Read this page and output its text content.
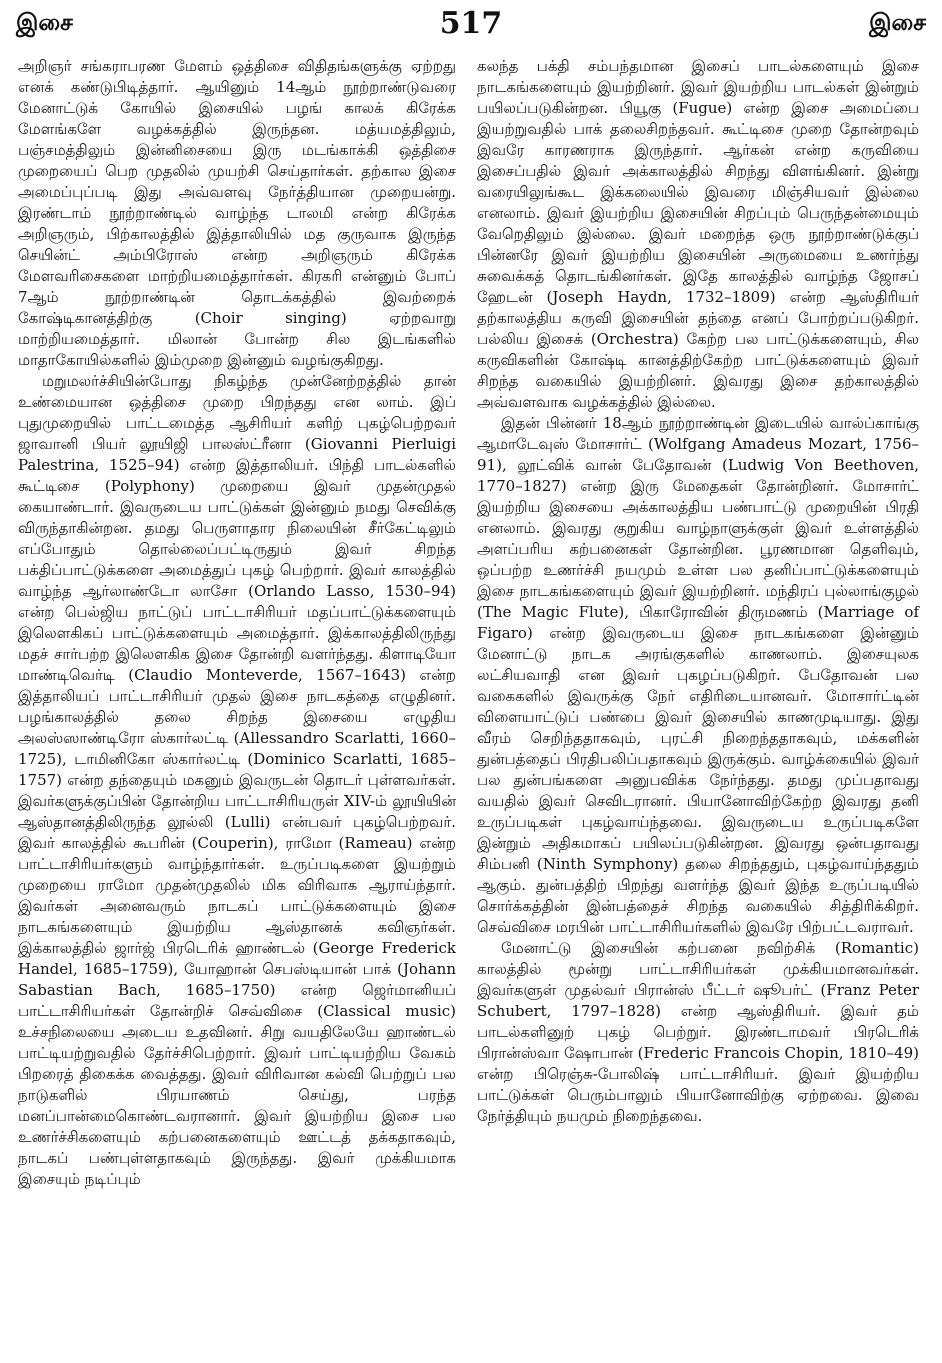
இசை	517	இசை

அறிஞர் சங்கராபரண மேளம் ஒத்திசை விதிதங்களுக்கு ஏற்றது எனக் கண்டுபிடித்தார். ஆயினும் 14ஆம் நூற்றாண்டுவரை மேனாட்டுக் கோயில் இசையில் பழங் காலக் கிரேக்க மேளங்களே வழக்கத்தில் இருந்தன. மத்யமத்திலும், பஞ்சமத்திலும் இன்னிசையை இரு மடங்காக்கி ஒத்திசை முறையைப் பெற முதலில் முயற்சி செய்தார்கள். தற்கால இசை அமைப்புப்படி இது அவ்வளவு நேர்த்தியான முறையன்று. இரண்டாம் நூற்றாண்டில் வாழ்ந்த டாலமி என்ற கிரேக்க அறிஞரும், பிற்காலத்தில் இத்தாலியில் மத குருவாக இருந்த செயின்ட் அம்பிரோஸ் என்ற அறிஞரும் கிரேக்க மேளவரிசைகளை மாற்றியமைத்தார்கள். கிரகரி என்னும் போப் 7ஆம் நூற்றாண்டின் தொடக்கத்தில் இவற்றைக் கோஷ்டிகானத்திற்கு (Choir singing) ஏற்றவாறு மாற்றியமைத்தார். மிலான் போன்ற சில இடங்களில் மாதாகோயில்களில் இம்முறை இன்னும் வழங்குகிறது.

மறுமலர்ச்சியின்போது நிகழ்ந்த முன்னேற்றத்தில் தான் உண்மையான ஒத்திசை முறை பிறந்தது என லாம். இப் புதுமுறையில் பாட்டமைத்த ஆசிரியர் களிற் புகழ்பெற்றவர் ஜாவானி பியர் லூயிஜி பாலஸ்ட்ரீனா (Giovanni Pierluigi Palestrina, 1525–94) என்ற இத்தாலியர். பிந்தி பாடல்களில் கூட்டிசை (Polyphony) முறையை இவர் முதன்முதல் கையாண்டார். இவருடைய பாட்டுக்கள் இன்னும் நமது செவிக்கு விருந்தாகின்றன. தமது பெருளாதார நிலையின் சீர்கேட்டிலும் எப்போதும் தொல்லைப்பட்டிருதும் இவர் சிறந்த பக்திப்பாட்டுக்களை அமைத்துப் புகழ் பெற்றார். இவர் காலத்தில் வாழ்ந்த ஆர்லாண்டோ லாசோ (Orlando Lasso, 1530–94) என்ற பெல்ஜிய நாட்டுப் பாட்டாசிரியர் மதப்பாட்டுக்களையும் இலௌகிகப் பாட்டுக்களையும் அமைத்தார். இக்காலத்திலிருந்து மதச் சார்பற்ற இலௌகிக இசை தோன்றி வளர்ந்தது. கிளாடியோ மாண்டிவெர்டி (Claudio Monteverde, 1567–1643) என்ற இத்தாலியப் பாட்டாசிரியர் முதல் இசை நாடகத்தை எழுதினர். பழங்காலத்தில் தலை சிறந்த இசையை எழுதிய அலஸ்ஸாண்டிரோ ஸ்கார்லட்டி (Allessandro Scarlatti, 1660–1725), டாமினிகோ ஸ்கார்லட்டி (Dominico Scarlatti, 1685–1757) என்ற தந்தையும் மகனும் இவருடன் தொடர் புள்ளவர்கள். இவர்களுக்குப்பின் தோன்றிய பாட்டாசிரியருள் XIV-ம் லூயியின் ஆஸ்தானத்திலிருந்த லூல்லி (Lulli) என்பவர் புகழ்பெற்றவர். இவர் காலத்தில் கூபரின் (Couperin), ராமோ (Rameau) என்ற பாட்டாசிரியர்களும் வாழ்ந்தார்கள். உருப்படிகளை இயற்றும் முறையை ராமோ முதன்முதலில் மிக விரிவாக ஆராய்ந்தார். இவர்கள் அனைவரும் நாடகப் பாட்டுக்களையும் இசை நாடகங்களையும் இயற்றிய ஆஸ்தானக் கவிஞர்கள். இக்காலத்தில் ஜார்ஜ் பிரடெரிக் ஹாண்டல் (George Frederick Handel, 1685–1759), யோஹான் செபஸ்டியான் பாக் (Johann Sabastian Bach, 1685–1750) என்ற ஜெர்மானியப் பாட்டாசிரியர்கள் தோன்றிச் செவ்விசை (Classical music) உச்சநிலையை அடைய உதவினர். சிறு வயதிலேயே ஹாண்டல் பாட்டியற்றுவதில் தேர்ச்சிபெற்றார். இவர் பாட்டியற்றிய வேகம் பிறரைத் திகைக்க வைத்தது. இவர் விரிவான கல்வி பெற்றுப் பல நாடுகளில் பிரயாணம் செய்து, பரந்த மனப்பான்மைகொண்டவரானார். இவர் இயற்றிய இசை பல உணர்ச்சிகளையும் கற்பனைகளையும் ஊட்டத் தக்கதாகவும், நாடகப் பண்புள்ளதாகவும் இருந்தது. இவர் முக்கியமாக இசையும் நடிப்பும்

கலந்த பக்தி சம்பந்தமான இசைப் பாடல்களையும் இசை நாடகங்களையும் இயற்றினர். இவர் இயற்றிய பாடல்கள் இன்றும் பயிலப்படுகின்றன. பியூகு (Fugue) என்ற இசை அமைப்பை இயற்றுவதில் பாக் தலைசிறந்தவர். கூட்டிசை முறை தோன்றவும் இவரே காரணராக இருந்தார். ஆர்கன் என்ற கருவியை இசைப்பதில் இவர் அக்காலத்தில் சிறந்து விளங்கினர். இன்று வரையிலுங்கூட இக்கலையில் இவரை மிஞ்சியவர் இல்லை எனலாம். இவர் இயற்றிய இசையின் சிறப்பும் பெருந்தன்மையும் வேறெதிலும் இல்லை. இவர் மறைந்த ஒரு நூற்றாண்டுக்குப் பின்னரே இவர் இயற்றிய இசையின் அருமையை உணர்ந்து சுவைக்கத் தொடங்கினர்கள். இதே காலத்தில் வாழ்ந்த ஜோசப் ஹேடன் (Joseph Haydn, 1732–1809) என்ற ஆஸ்திரியர் தற்காலத்திய கருவி இசையின் தந்தை எனப் போற்றப்படுகிறர். பல்லிய இசைக் (Orchestra) கேற்ற பல பாட்டுக்களையும், சில கருவிகளின் கோஷ்டி கானத்திற்கேற்ற பாட்டுக்களையும் இவர் சிறந்த வகையில் இயற்றினர். இவரது இசை தற்காலத்தில் அவ்வளவாக வழக்கத்தில் இல்லை.

இதன் பின்னர் 18ஆம் நூற்றாண்டின் இடையில் வால்ப்காங்கு ஆமாடேவுஸ் மோசார்ட் (Wolfgang Amadeus Mozart, 1756–91), லூட்விக் வான் பேதோவன் (Ludwig Von Beethoven, 1770–1827) என்ற இரு மேதைகள் தோன்றினர். மோசார்ட் இயற்றிய இசையை அக்காலத்திய பண்பாட்டு முறையின் பிரதி எனலாம். இவரது குறுகிய வாழ்நாளுக்குள் இவர் உள்ளத்தில் அளப்பரிய கற்பனைகள் தோன்றின. பூரணமான தெளிவும், ஒப்பற்ற உணர்ச்சி நயமும் உள்ள பல தனிப்பாட்டுக்களையும் இசை நாடகங்களையும் இவர் இயற்றினர். மந்திரப் புல்லாங்குழல் (The Magic Flute), பிகாரோவின் திருமணம் (Marriage of Figaro) என்ற இவருடைய இசை நாடகங்களை இன்னும் மேனாட்டு நாடக அரங்குகளில் காணலாம். இசையுலக லட்சியவாதி என இவர் புகழப்படுகிறர். பேதோவன் பல வகைகளில் இவருக்கு நேர் எதிரிடையானவர். மோசார்ட்டின் விளையாட்டுப் பண்பை இவர் இசையில் காணமுடியாது. இது வீரம் செறிந்ததாகவும், புரட்சி நிறைந்ததாகவும், மக்களின் துன்பத்தைப் பிரதிபலிப்பதாகவும் இருக்கும். வாழ்க்கையில் இவர் பல துன்பங்களை அனுபவிக்க நேர்ந்தது. தமது முப்பதாவது வயதில் இவர் செவிடரானர். பியானோவிற்கேற்ற இவரது தனி உருப்படிகள் புகழ்வாய்ந்தவை. இவருடைய உருப்படிகளே இன்றும் அதிகமாகப் பயிலப்படுகின்றன. இவரது ஒன்பதாவது சிம்பனி (Ninth Symphony) தலை சிறந்ததும், புகழ்வாய்ந்ததும் ஆகும். துன்பத்திற் பிறந்து வளர்ந்த இவர் இந்த உருப்படியில் சொர்க்கத்தின் இன்பத்தைச் சிறந்த வகையில் சித்திரிக்கிறர். செவ்விசை மரபின் பாட்டாசிரியர்களில் இவரே பிற்பட்டவராவர்.

மேனாட்டு இசையின் கற்பனை நவிற்சிக் (Romantic) காலத்தில் மூன்று பாட்டாசிரியர்கள் முக்கியமானவர்கள். இவர்களுள் முதல்வர் பிரான்ஸ் பீட்டர் ஷூபர்ட் (Franz Peter Schubert, 1797–1828) என்ற ஆஸ்திரியர். இவர் தம் பாடல்களினுற் புகழ் பெற்றுர். இரண்டாமவர் பிரடெரிக் பிரான்ஸ்வா ஷோபான் (Frederic Francois Chopin, 1810–49) என்ற பிரெஞ்சு-போலிஷ் பாட்டாசிரியர். இவர் இயற்றிய பாட்டுக்கள் பெரும்பாலும் பியானோவிற்கு ஏற்றவை. இவை நேர்த்தியும் நயமும் நிறைந்தவை.
